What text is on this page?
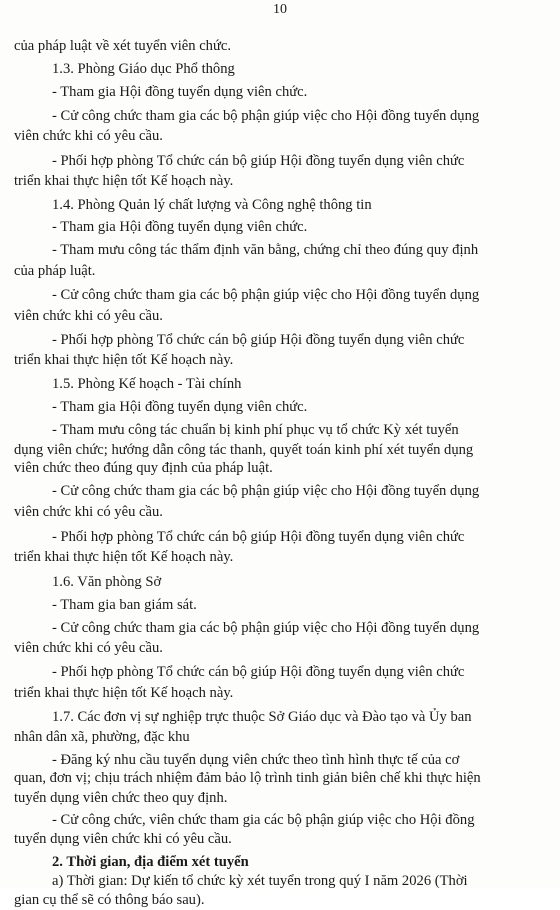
10
của pháp luật về xét tuyển viên chức.
1.3. Phòng Giáo dục Phổ thông
- Tham gia Hội đồng tuyển dụng viên chức.
- Cử công chức tham gia các bộ phận giúp việc cho Hội đồng tuyển dụng
viên chức khi có yêu cầu.
- Phối hợp phòng Tổ chức cán bộ giúp Hội đồng tuyển dụng viên chức
triển khai thực hiện tốt Kế hoạch này.
1.4. Phòng Quản lý chất lượng và Công nghệ thông tin
- Tham gia Hội đồng tuyển dụng viên chức.
- Tham mưu công tác thẩm định văn bằng, chứng chỉ theo đúng quy định
của pháp luật.
- Cử công chức tham gia các bộ phận giúp việc cho Hội đồng tuyển dụng
viên chức khi có yêu cầu.
- Phối hợp phòng Tổ chức cán bộ giúp Hội đồng tuyển dụng viên chức
triển khai thực hiện tốt Kế hoạch này.
1.5. Phòng Kế hoạch - Tài chính
- Tham gia Hội đồng tuyển dụng viên chức.
- Tham mưu công tác chuẩn bị kinh phí phục vụ tổ chức Kỳ xét tuyển
dụng viên chức; hướng dẫn công tác thanh, quyết toán kinh phí xét tuyển dụng
viên chức theo đúng quy định của pháp luật.
- Cử công chức tham gia các bộ phận giúp việc cho Hội đồng tuyển dụng
viên chức khi có yêu cầu.
- Phối hợp phòng Tổ chức cán bộ giúp Hội đồng tuyển dụng viên chức
triển khai thực hiện tốt Kế hoạch này.
1.6. Văn phòng Sở
- Tham gia ban giám sát.
- Cử công chức tham gia các bộ phận giúp việc cho Hội đồng tuyển dụng
viên chức khi có yêu cầu.
- Phối hợp phòng Tổ chức cán bộ giúp Hội đồng tuyển dụng viên chức
triển khai thực hiện tốt Kế hoạch này.
1.7. Các đơn vị sự nghiệp trực thuộc Sở Giáo dục và Đào tạo và Ủy ban
nhân dân xã, phường, đặc khu
- Đăng ký nhu cầu tuyển dụng viên chức theo tình hình thực tế của cơ
quan, đơn vị; chịu trách nhiệm đảm bảo lộ trình tinh giản biên chế khi thực hiện
tuyển dụng viên chức theo quy định.
- Cử công chức, viên chức tham gia các bộ phận giúp việc cho Hội đồng
tuyển dụng viên chức khi có yêu cầu.
2. Thời gian, địa điểm xét tuyển
a) Thời gian: Dự kiến tổ chức kỳ xét tuyển trong quý I năm 2026 (Thời
gian cụ thể sẽ có thông báo sau).
